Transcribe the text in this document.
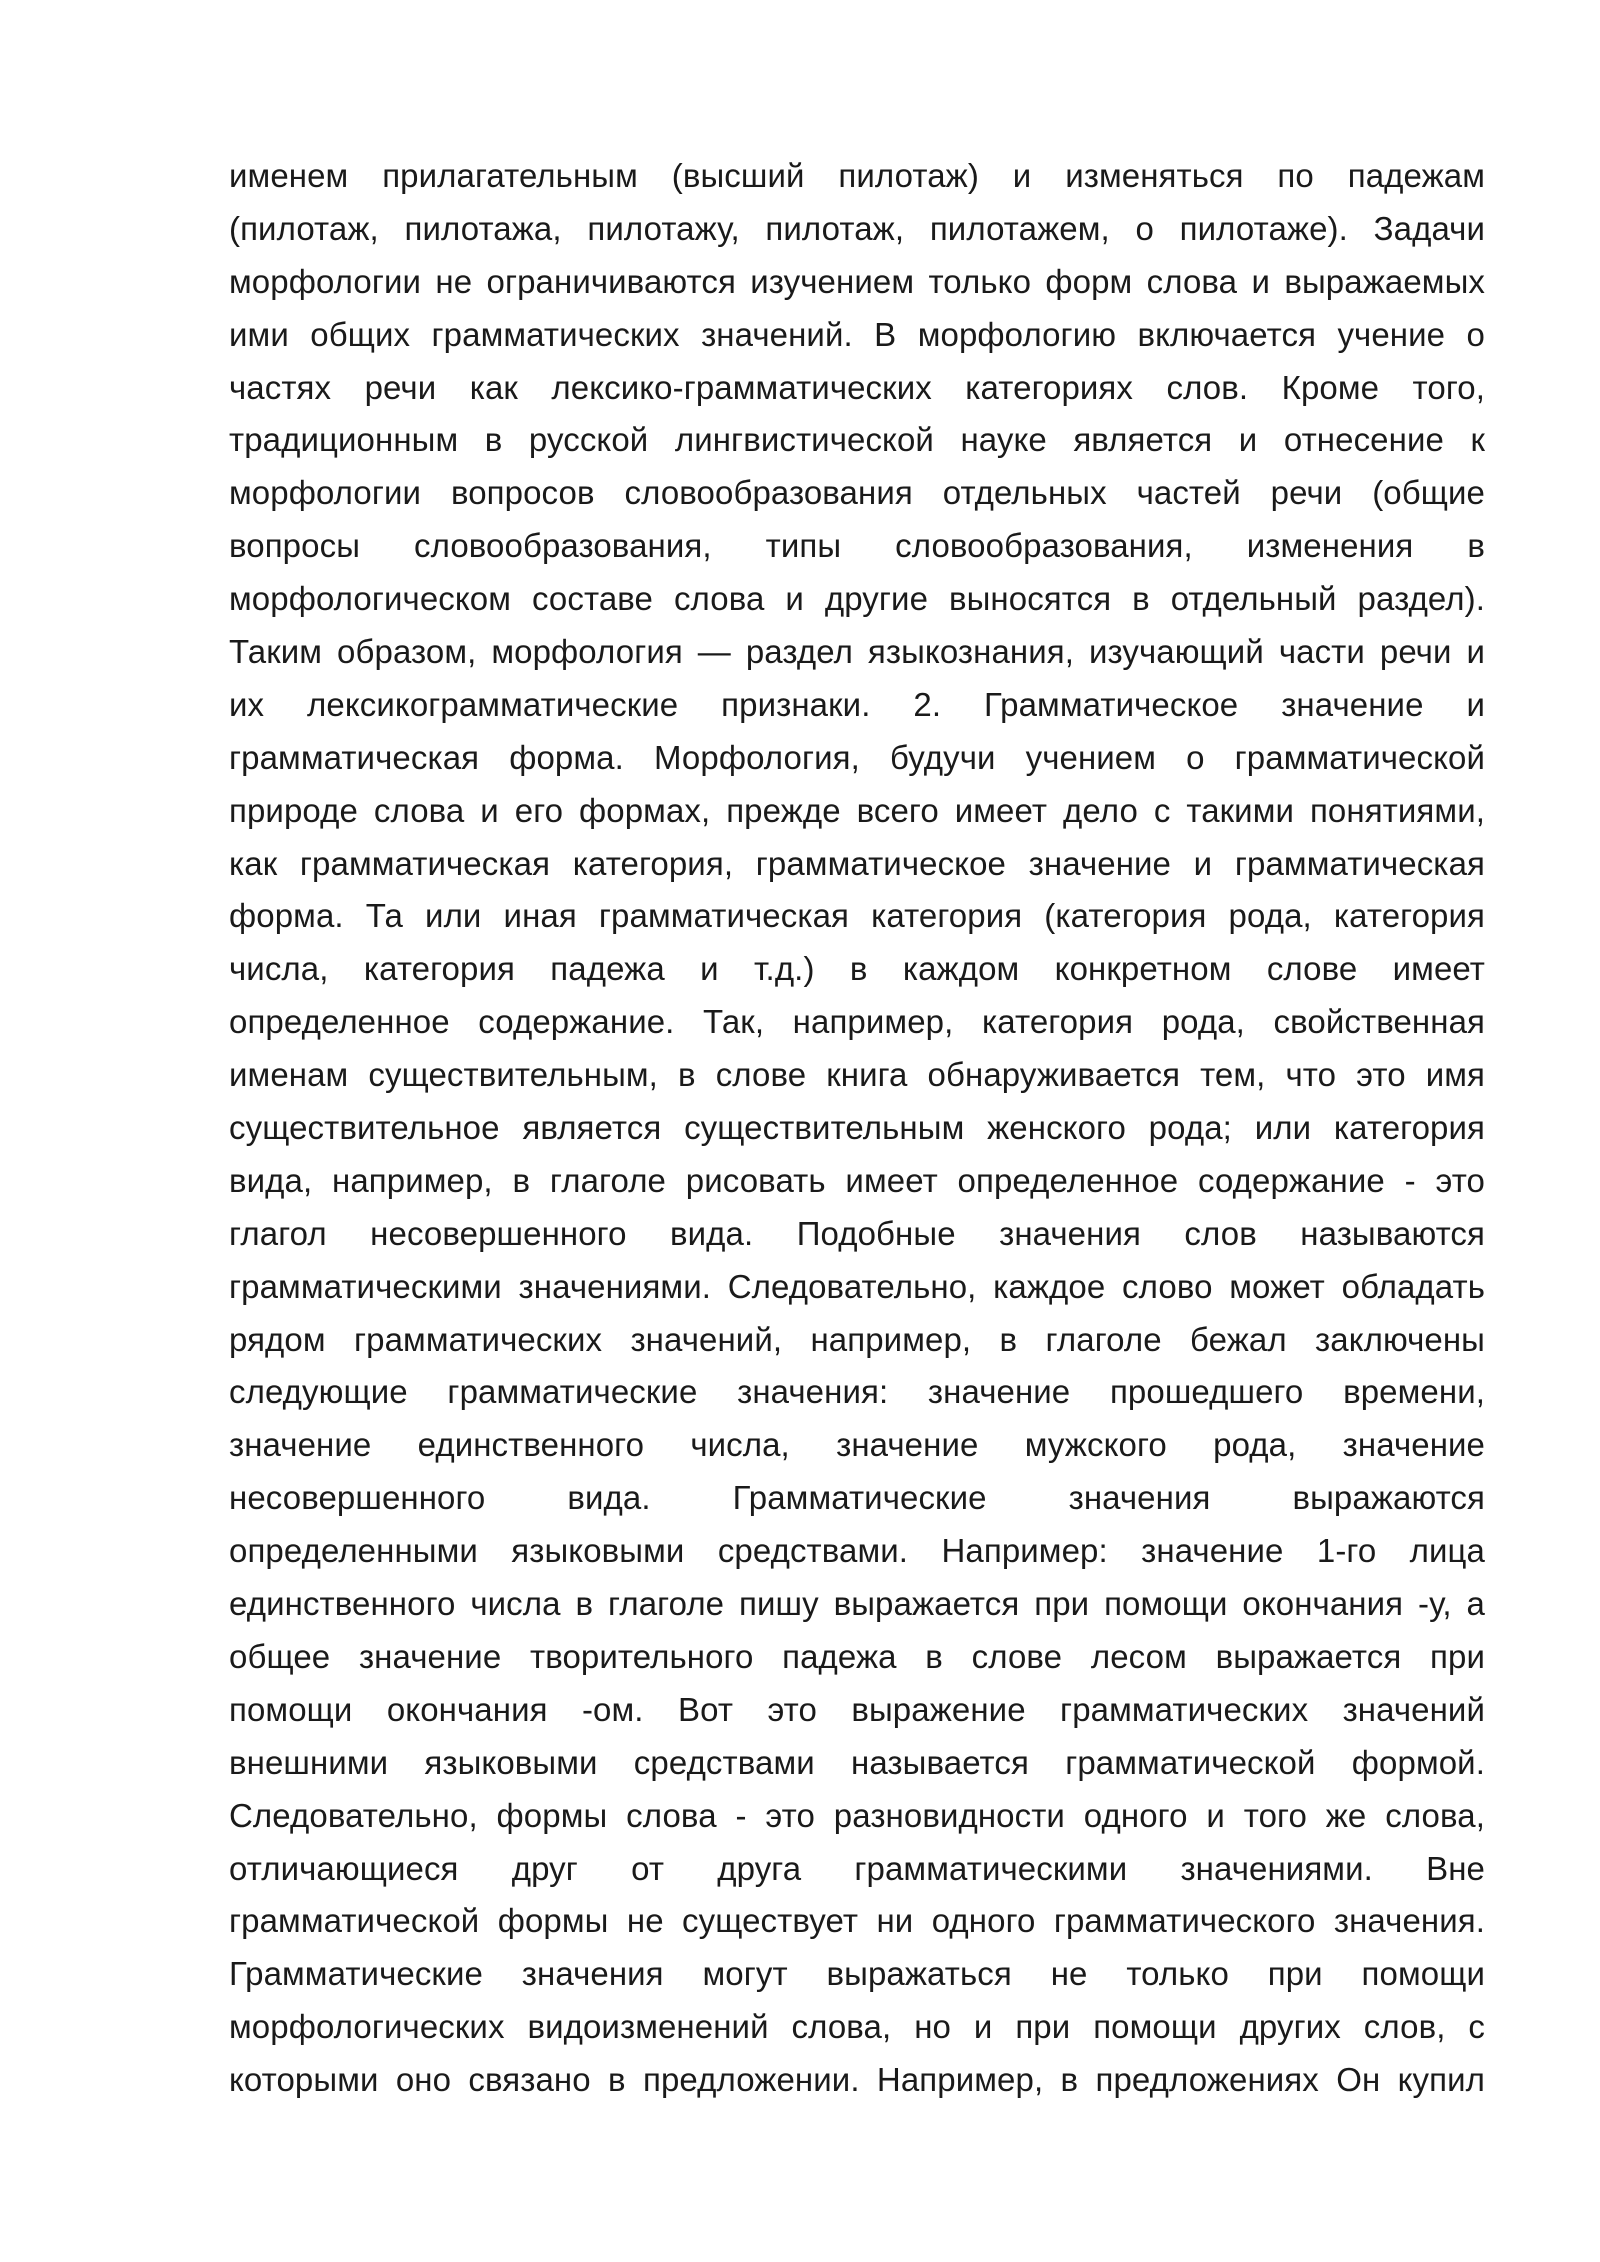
именем прилагательным (высший пилотаж) и изменяться по падежам
(пилотаж, пилотажа, пилотажу, пилотаж, пилотажем, о пилотаже). Задачи
морфологии не ограничиваются изучением только форм слова и выражаемых
ими общих грамматических значений. В морфологию включается учение о
частях речи как лексико-грамматических категориях слов. Кроме того,
традиционным в русской лингвистической науке является и отнесение к
морфологии вопросов словообразования отдельных частей речи (общие
вопросы словообразования, типы словообразования, изменения в
морфологическом составе слова и другие выносятся в отдельный раздел).
Таким образом, морфология — раздел языкознания, изучающий части речи и
их лексикограмматические признаки. 2. Грамматическое значение и
грамматическая форма. Морфология, будучи учением о грамматической
природе слова и его формах, прежде всего имеет дело с такими понятиями,
как грамматическая категория, грамматическое значение и грамматическая
форма. Та или иная грамматическая категория (категория рода, категория
числа, категория падежа и т.д.) в каждом конкретном слове имеет
определенное содержание. Так, например, категория рода, свойственная
именам существительным, в слове книга обнаруживается тем, что это имя
существительное является существительным женского рода; или категория
вида, например, в глаголе рисовать имеет определенное содержание - это
глагол несовершенного вида. Подобные значения слов называются
грамматическими значениями. Следовательно, каждое слово может обладать
рядом грамматических значений, например, в глаголе бежал заключены
следующие грамматические значения: значение прошедшего времени,
значение единственного числа, значение мужского рода, значение
несовершенного вида. Грамматические значения выражаются
определенными языковыми средствами. Например: значение 1-го лица
единственного числа в глаголе пишу выражается при помощи окончания -у, а
общее значение творительного падежа в слове лесом выражается при
помощи окончания -ом. Вот это выражение грамматических значений
внешними языковыми средствами называется грамматической формой.
Следовательно, формы слова - это разновидности одного и того же слова,
отличающиеся друг от друга грамматическими значениями. Вне
грамматической формы не существует ни одного грамматического значения.
Грамматические значения могут выражаться не только при помощи
морфологических видоизменений слова, но и при помощи других слов, с
которыми оно связано в предложении. Например, в предложениях Он купил
